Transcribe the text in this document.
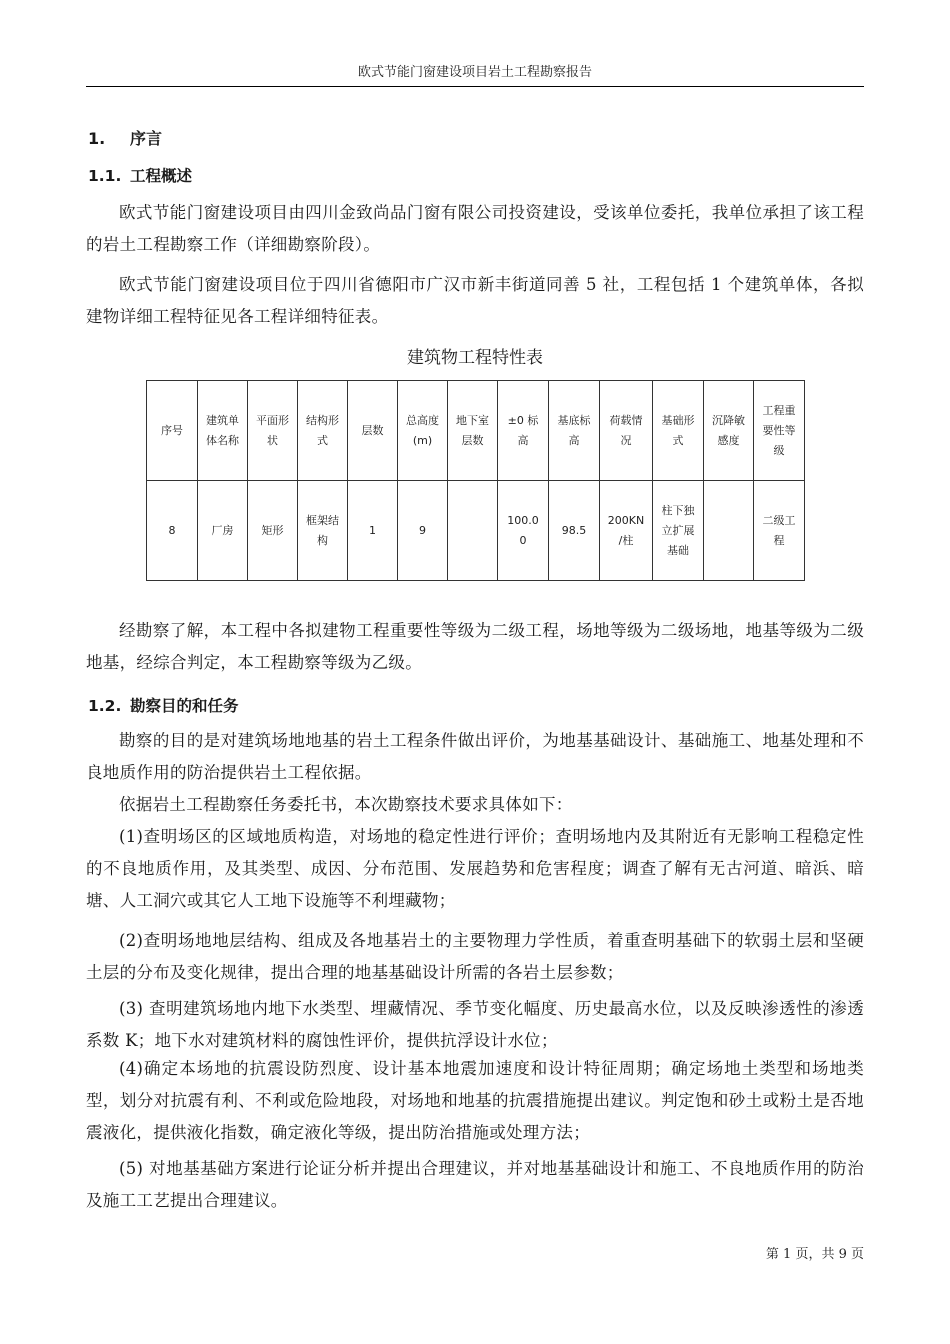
欧式节能门窗建设项目岩土工程勘察报告
1. 序言
1.1. 工程概述

欧式节能门窗建设项目由四川金致尚品门窗有限公司投资建设，受该单位委托，我单位承担了该工程的岩土工程勘察工作（详细勘察阶段）。

欧式节能门窗建设项目位于四川省德阳市广汉市新丰街道同善 5 社，工程包括 1 个建筑单体，各拟建物详细工程特征见各工程详细特征表。

建筑物工程特性表
序号	建筑单体名称	平面形状	结构形式	层数	总高度(m)	地下室层数	±0 标高	基底标高	荷载情况	基础形式	沉降敏感度	工程重要性等级
8	厂房	矩形	框架结构	1	9		100.00	98.5	200KN/柱	柱下独立扩展基础		二级工程

经勘察了解，本工程中各拟建物工程重要性等级为二级工程，场地等级为二级场地，地基等级为二级地基，经综合判定，本工程勘察等级为乙级。

1.2. 勘察目的和任务

勘察的目的是对建筑场地地基的岩土工程条件做出评价，为地基基础设计、基础施工、地基处理和不良地质作用的防治提供岩土工程依据。

依据岩土工程勘察任务委托书，本次勘察技术要求具体如下：

(1)查明场区的区域地质构造，对场地的稳定性进行评价；查明场地内及其附近有无影响工程稳定性的不良地质作用，及其类型、成因、分布范围、发展趋势和危害程度；调查了解有无古河道、暗浜、暗塘、人工洞穴或其它人工地下设施等不利埋藏物；

(2)查明场地地层结构、组成及各地基岩土的主要物理力学性质，着重查明基础下的软弱土层和坚硬土层的分布及变化规律，提出合理的地基基础设计所需的各岩土层参数；

(3) 查明建筑场地内地下水类型、埋藏情况、季节变化幅度、历史最高水位，以及反映渗透性的渗透系数 K；地下水对建筑材料的腐蚀性评价，提供抗浮设计水位；

(4)确定本场地的抗震设防烈度、设计基本地震加速度和设计特征周期；确定场地土类型和场地类型，划分对抗震有利、不利或危险地段，对场地和地基的抗震措施提出建议。判定饱和砂土或粉土是否地震液化，提供液化指数，确定液化等级，提出防治措施或处理方法；

(5) 对地基基础方案进行论证分析并提出合理建议，并对地基基础设计和施工、不良地质作用的防治及施工工艺提出合理建议。

第 1 页，共 9 页
